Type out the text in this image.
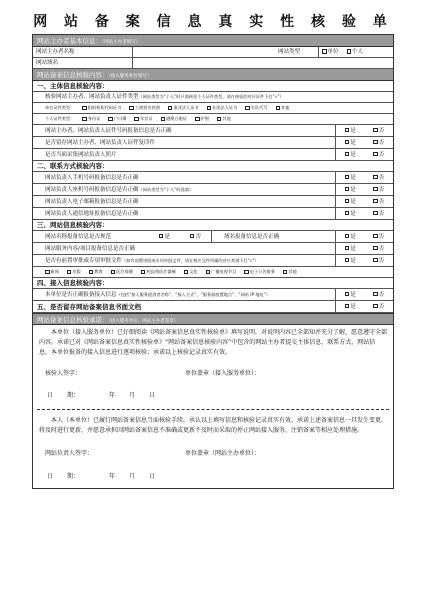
网 站 备 案 信 息 真 实 性 核 验 单
网站主办者基本信息：（网站主办者填写）
网站主办者名称	网站类型	单位	个人
网站域名
网站备案信息核验内容：（接入服务单位填写）
一、主体信息核验内容：
核验网站主办者、网站负责人证件类型（网站类型为“个人”时只需核验个人证件类型，请在核验的对应证件下打“√”）
单位证件类型：	组织机构代码证书	工商营业执照	事业法人证书	社团法人证书	军队代号	其他
个人证件类型：	身份证	户口簿	军官证	港澳台胞证	护照	其他
网站主办者、网站负责人证件号码报备信息是否正确	是	否
是否留存网站主办者、网站负责人证件复印件	是	否
是否当面采集网站负责人照片	是	否
二、联系方式核验内容：
网站负责人手机号码报备信息是否正确	是	否
网站负责人座机号码报备信息是否正确（网站类型为“个人”时选填）	是	否
网站负责人电子邮箱报备信息是否正确	是	否
网站负责人通信地址报备信息是否正确	是	否
三、网站信息核验内容：
网站名称报备信息是否规范	是	否	域名报备信息是否正确	是	否
网站服务内容/项目报备信息是否正确	是	否
是否有前置审批或专项审批文件（如有前置审批或专项审批文件，请在相应文件所属的对应类别下打“√”）	是	否
新闻	出版	教育	医疗保健	药品和医疗器械	文化	广播电视节目	电子公告服务	其他
四、接入信息核验内容：
本单位是否正确报备接入信息（包括“接入服务提供者名称”、“接入方式”、“服务器放置地点”、“网站 IP 地址”）	是	否
五、是否留存网站备案信息书面文档	是	否
网站备案信息核验承诺：（接入服务单位、网站主办者签章）
本单位（接入服务单位）已仔细阅读《网站备案信息真实性核验单》填写说明，对说明内容已全部知并充分了解，愿意遵守全部内容。承诺已对《网站备案信息真实性核验单》“网站备案信息核验内容”中包含的网站主办者提交主体信息、联系方式、网站信息。本单位报备的接入信息进行逐项核验；承诺以上核验记录真实有效。
核验人签字：	单位盖章（接入服务单位）：
日 期：	年 月 日
本人（本单位）已履行网站备案信息当面核验手续，承认以上填写信息和核验记录真实有效，承诺上述备案信息一旦发生变更，将及时进行更新，并愿意承担因网站备案信息不准确或更新不及时而采取的停止网站接入服务、注销备案等相应处理措施。
网站负责人签字：	单位盖章（网站主办单位）：
日 期：	年 月 日
